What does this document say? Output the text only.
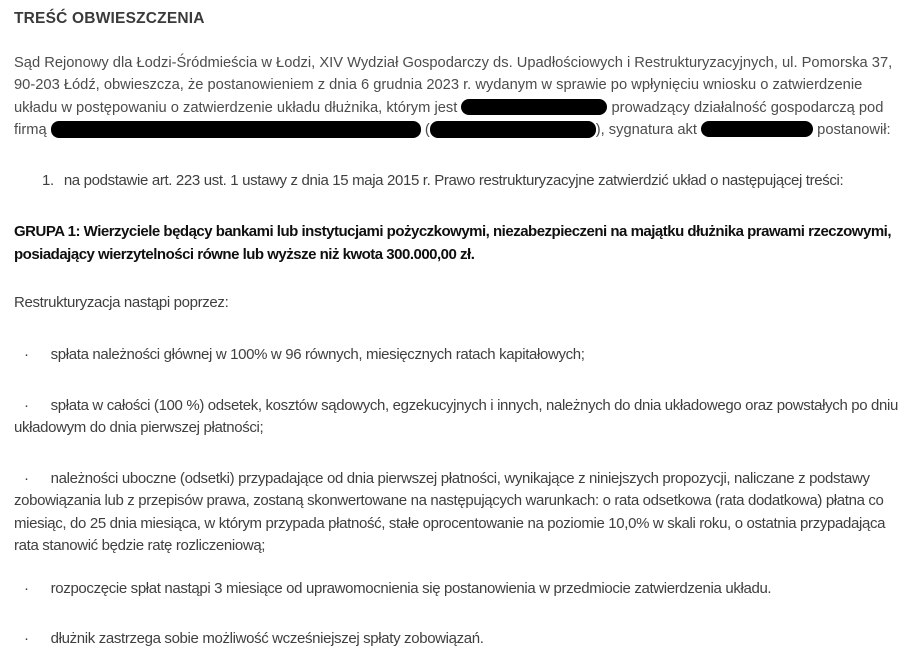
TREŚĆ OBWIESZCZENIA

Sąd Rejonowy dla Łodzi-Śródmieścia w Łodzi, XIV Wydział Gospodarczy ds. Upadłościowych i Restrukturyzacyjnych, ul. Pomorska 37, 90-203 Łódź, obwieszcza, że postanowieniem z dnia 6 grudnia 2023 r. wydanym w sprawie po wpłynięciu wniosku o zatwierdzenie układu w postępowaniu o zatwierdzenie układu dłużnika, którym jest	prowadzący działalność gospodarczą pod firmą	(	), sygnatura akt	postanowił:

1. na podstawie art. 223 ust. 1 ustawy z dnia 15 maja 2015 r. Prawo restrukturyzacyjne zatwierdzić układ o następującej treści:

GRUPA 1: Wierzyciele będący bankami lub instytucjami pożyczkowymi, niezabezpieczeni na majątku dłużnika prawami rzeczowymi, posiadający wierzytelności równe lub wyższe niż kwota 300.000,00 zł.

Restrukturyzacja nastąpi poprzez:

· spłata należności głównej w 100% w 96 równych, miesięcznych ratach kapitałowych;

· spłata w całości (100 %) odsetek, kosztów sądowych, egzekucyjnych i innych, należnych do dnia układowego oraz powstałych po dniu układowym do dnia pierwszej płatności;

· należności uboczne (odsetki) przypadające od dnia pierwszej płatności, wynikające z niniejszych propozycji, naliczane z podstawy zobowiązania lub z przepisów prawa, zostaną skonwertowane na następujących warunkach: o rata odsetkowa (rata dodatkowa) płatna co miesiąc, do 25 dnia miesiąca, w którym przypada płatność, stałe oprocentowanie na poziomie 10,0% w skali roku, o ostatnia przypadająca rata stanowić będzie ratę rozliczeniową;

· rozpoczęcie spłat nastąpi 3 miesiące od uprawomocnienia się postanowienia w przedmiocie zatwierdzenia układu.

· dłużnik zastrzega sobie możliwość wcześniejszej spłaty zobowiązań.
